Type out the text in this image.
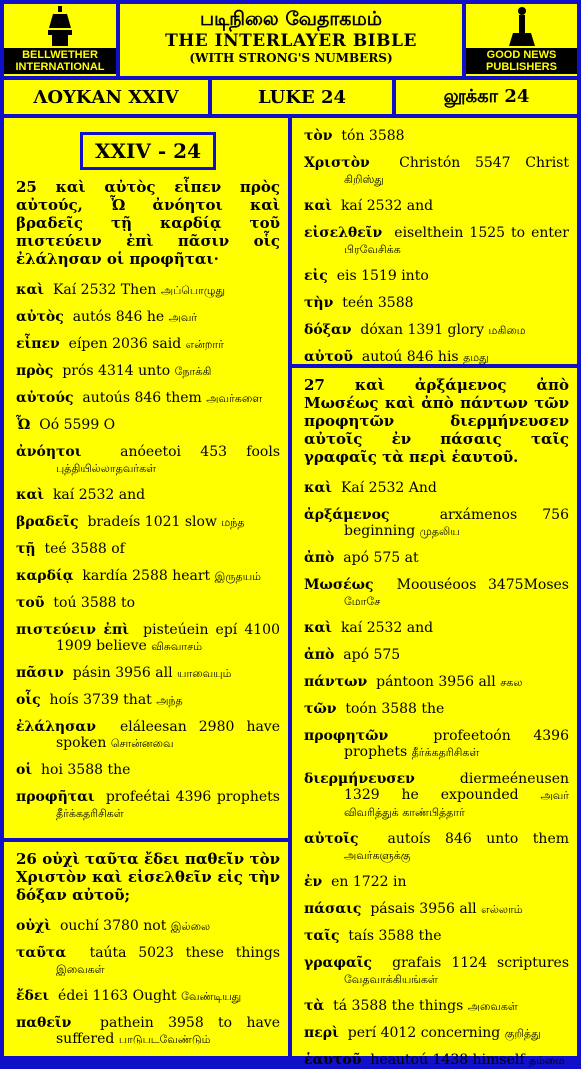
BELLWETHER INTERNATIONAL
படிநிலை வேதாகமம்
THE INTERLAYER BIBLE
(WITH STRONG'S NUMBERS)	GOOD NEWS PUBLISHERS
ΛΟΥΚΑΝ XXIV	LUKE 24	லூக்கா 24
XXIV - 24
25 καὶ αὐτὸς εἶπεν πρὸς αὐτούς, Ὦ ἀνόητοι καὶ βραδεῖς τῇ καρδίᾳ τοῦ πιστεύειν ἐπὶ πᾶσιν οἷς ἐλάλησαν οἱ προφῆται·
καὶ Kaí 2532 Then அப்பொழுது
αὐτὸς autós 846 he அவர்
εἶπεν eípen 2036 said என்றார்
πρὸς prós 4314 unto நோக்கி
αὐτούς autoús 846 them அவர்களை
Ὦ Oó 5599 O
ἀνόητοι	anóeetoi 453 fools புத்தியில்லாதவர்கள்
καὶ kaí 2532 and
βραδεῖς bradeís 1021 slow மந்த
τῇ teé 3588 of
καρδίᾳ kardía 2588 heart இருதயம்
τοῦ toú 3588 to
πιστεύειν ἐπὶ pisteúein epí 4100 1909 believe விசுவாசம்
πᾶσιν pásin 3956 all யாவையும்
οἷς hoís 3739 that அந்த
ἐλάλησαν eláleesan 2980 have spoken சொன்னவை
οἱ hoi 3588 the
προφῆται profeétai 4396 prophets தீர்க்கதரிசிகள்
26 οὐχὶ ταῦτα ἔδει παθεῖν τὸν Χριστὸν καὶ εἰσελθεῖν εἰς τὴν δόξαν αὐτοῦ;
οὐχὶ ouchí 3780 not இல்லை
ταῦτα taúta 5023 these things இவைகள்
ἔδει édei 1163 Ought வேண்டியது
παθεῖν pathein 3958 to have suffered பாடுபடவேண்டும்
τὸν tón 3588
Χριστὸν Christón 5547 Christ கிறிஸ்து
καὶ kaí 2532 and
εἰσελθεῖν eiselthein 1525 to enter பிரவேசிக்க
εἰς eis 1519 into
τὴν teén 3588
δόξαν dóxan 1391 glory மகிமை
αὐτοῦ autoú 846 his தமது
27 καὶ ἀρξάμενος ἀπὸ Μωσέως καὶ ἀπὸ πάντων τῶν προφητῶν διερμήνευσεν αὐτοῖς ἐν πάσαις ταῖς γραφαῖς τὰ περὶ ἑαυτοῦ.
καὶ Kaí 2532 And
ἀρξάμενος	arxámenos 756 beginning முதலிய
ἀπὸ apó 575 at
Μωσέως Moouséoos 3475Moses மோசே
καὶ kaí 2532 and
ἀπὸ apó 575
πάντων pántoon 3956 all சகல
τῶν toón 3588 the
προφητῶν	profeetoón 4396 prophets தீர்க்கதரிசிகள்
διερμήνευσεν	diermeéneusen 1329 he expounded அவர் விவரித்துக் காண்பித்தார்
αὐτοῖς autoís 846 unto them அவர்களுக்கு
ἐν en 1722 in
πάσαις pásais 3956 all எல்லாம்
ταῖς taís 3588 the
γραφαῖς grafais 1124 scriptures வேதவாக்கியங்கள்
τὰ tá 3588 the things அவைகள்
περὶ perí 4012 concerning குறித்து
ἑαυτοῦ heautoú 1438 himself தம்மை
